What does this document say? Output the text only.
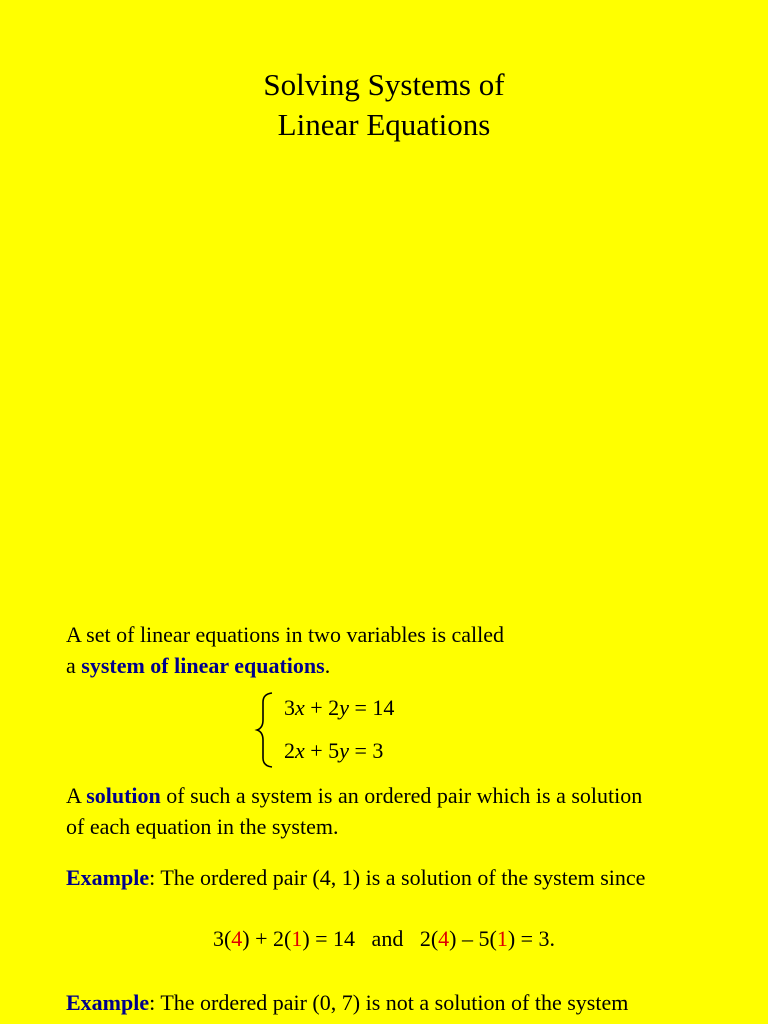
Solving Systems of
Linear Equations
A set of linear equations in two variables is called
a system of linear equations.
3x + 2y = 14
2x + 5y = 3
A solution of such a system is an ordered pair which is a solution
of each equation in the system.
Example: The ordered pair (4, 1) is a solution of the system since
3(4) + 2(1) = 14   and   2(4) – 5(1) = 3.
Example: The ordered pair (0, 7) is not a solution of the system
